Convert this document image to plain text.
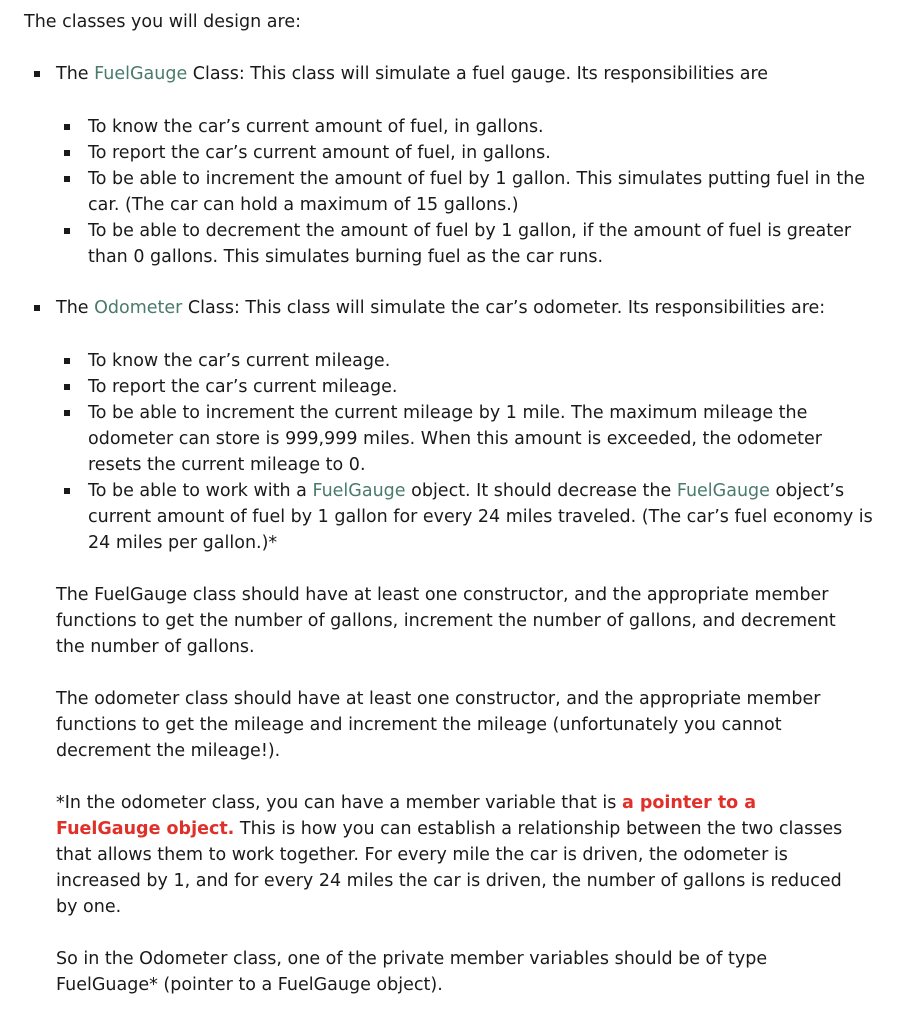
The classes you will design are:

The FuelGauge Class: This class will simulate a fuel gauge. Its responsibilities are

To know the car’s current amount of fuel, in gallons.

To report the car’s current amount of fuel, in gallons.

To be able to increment the amount of fuel by 1 gallon. This simulates putting fuel in the car. (The car can hold a maximum of 15 gallons.)

To be able to decrement the amount of fuel by 1 gallon, if the amount of fuel is greater than 0 gallons. This simulates burning fuel as the car runs.

The Odometer Class: This class will simulate the car’s odometer. Its responsibilities are:

To know the car’s current mileage.

To report the car’s current mileage.

To be able to increment the current mileage by 1 mile. The maximum mileage the odometer can store is 999,999 miles. When this amount is exceeded, the odometer resets the current mileage to 0.

To be able to work with a FuelGauge object. It should decrease the FuelGauge object’s current amount of fuel by 1 gallon for every 24 miles traveled. (The car’s fuel economy is 24 miles per gallon.)*

The FuelGauge class should have at least one constructor, and the appropriate member functions to get the number of gallons, increment the number of gallons, and decrement the number of gallons.

The odometer class should have at least one constructor, and the appropriate member functions to get the mileage and increment the mileage (unfortunately you cannot decrement the mileage!).

*In the odometer class, you can have a member variable that is a pointer to a FuelGauge object. This is how you can establish a relationship between the two classes that allows them to work together. For every mile the car is driven, the odometer is increased by 1, and for every 24 miles the car is driven, the number of gallons is reduced by one.

So in the Odometer class, one of the private member variables should be of type FuelGuage* (pointer to a FuelGauge object).
